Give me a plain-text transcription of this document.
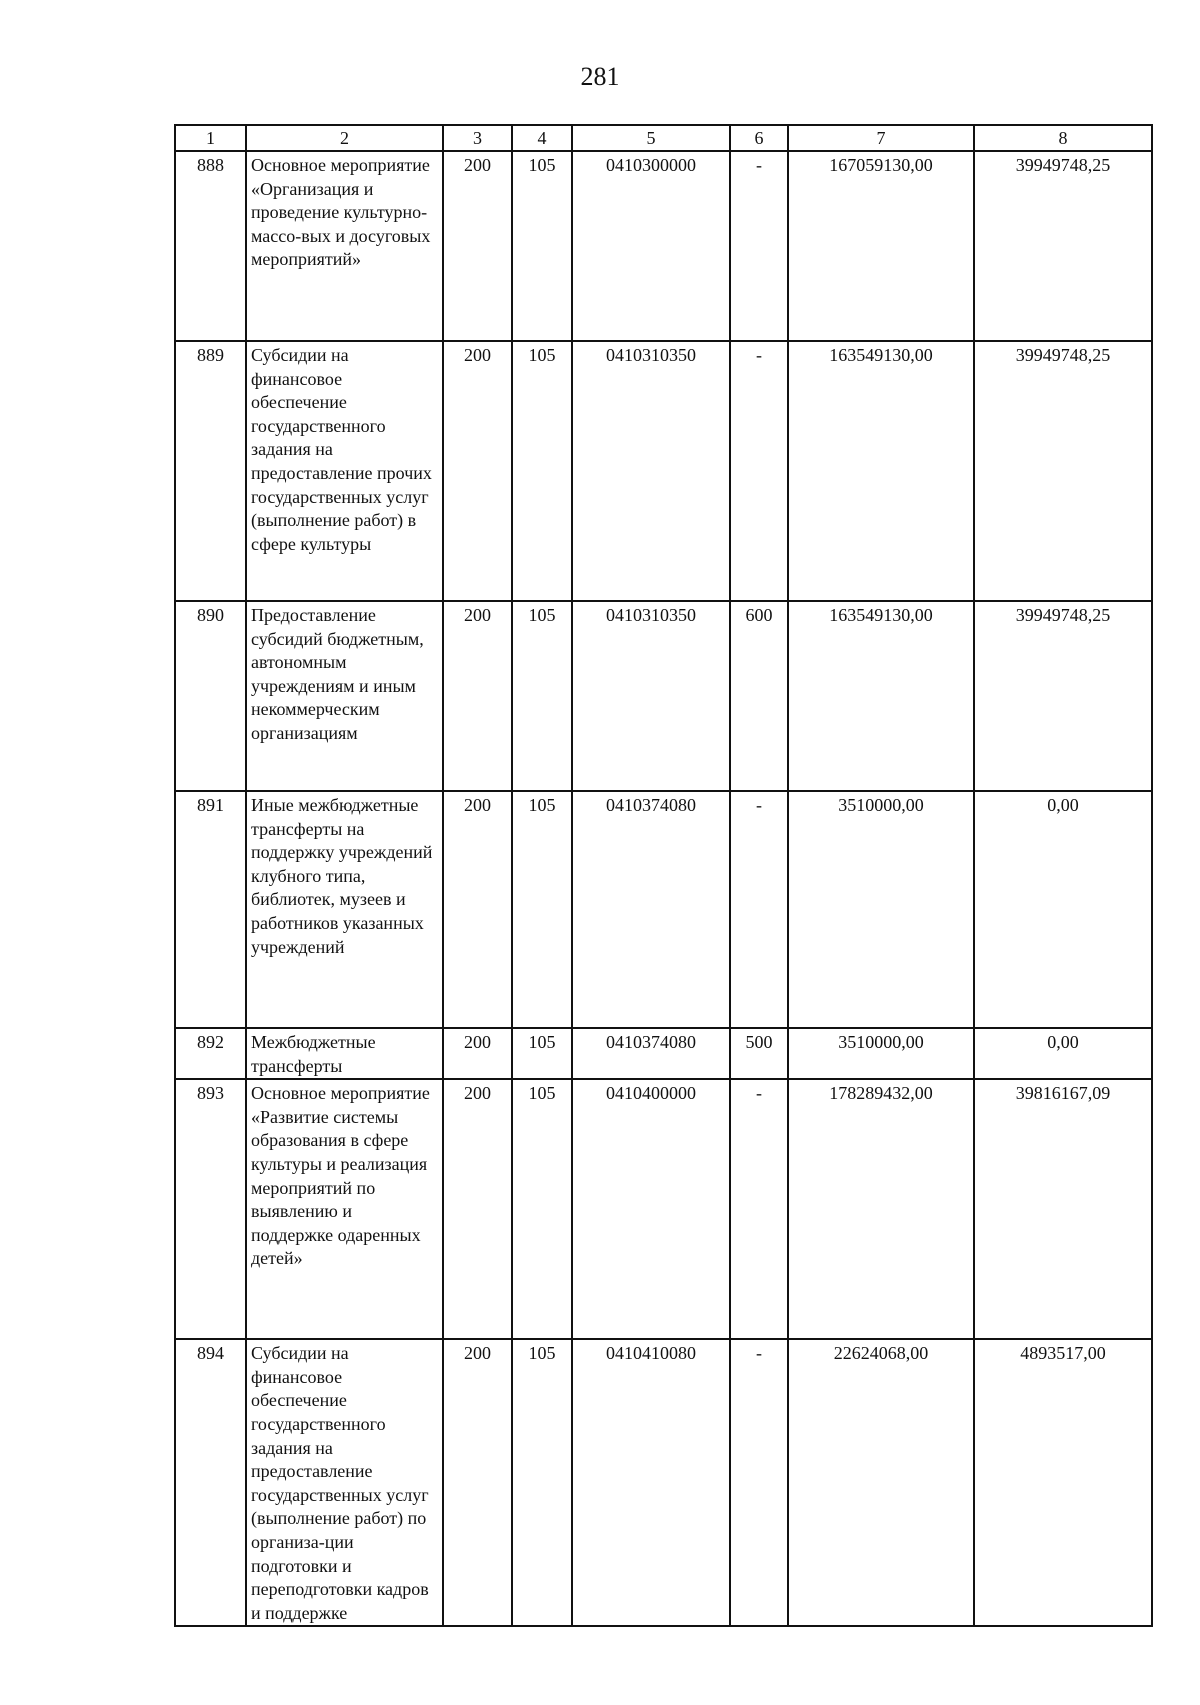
281
1	2	3	4	5	6	7	8
888	Основное мероприятие «Организация и проведение культурно-массо-вых и досуговых мероприятий»	200	105	0410300000	-	167059130,00	39949748,25
889	Субсидии на финансовое обеспечение государственного задания на предоставление прочих государственных услуг (выполнение работ) в сфере культуры	200	105	0410310350	-	163549130,00	39949748,25
890	Предоставление субсидий бюджетным, автономным учреждениям и иным некоммерческим организациям	200	105	0410310350	600	163549130,00	39949748,25
891	Иные межбюджетные трансферты на поддержку учреждений клубного типа, библиотек, музеев и работников указанных учреждений	200	105	0410374080	-	3510000,00	0,00
892	Межбюджетные трансферты	200	105	0410374080	500	3510000,00	0,00
893	Основное мероприятие «Развитие системы образования в сфере культуры и реализация мероприятий по выявлению и поддержке одаренных детей»	200	105	0410400000	-	178289432,00	39816167,09
894	Субсидии на финансовое обеспечение государственного задания на предоставление государственных услуг (выполнение работ) по организа-ции подготовки и переподготовки кадров и поддержке	200	105	0410410080	-	22624068,00	4893517,00
